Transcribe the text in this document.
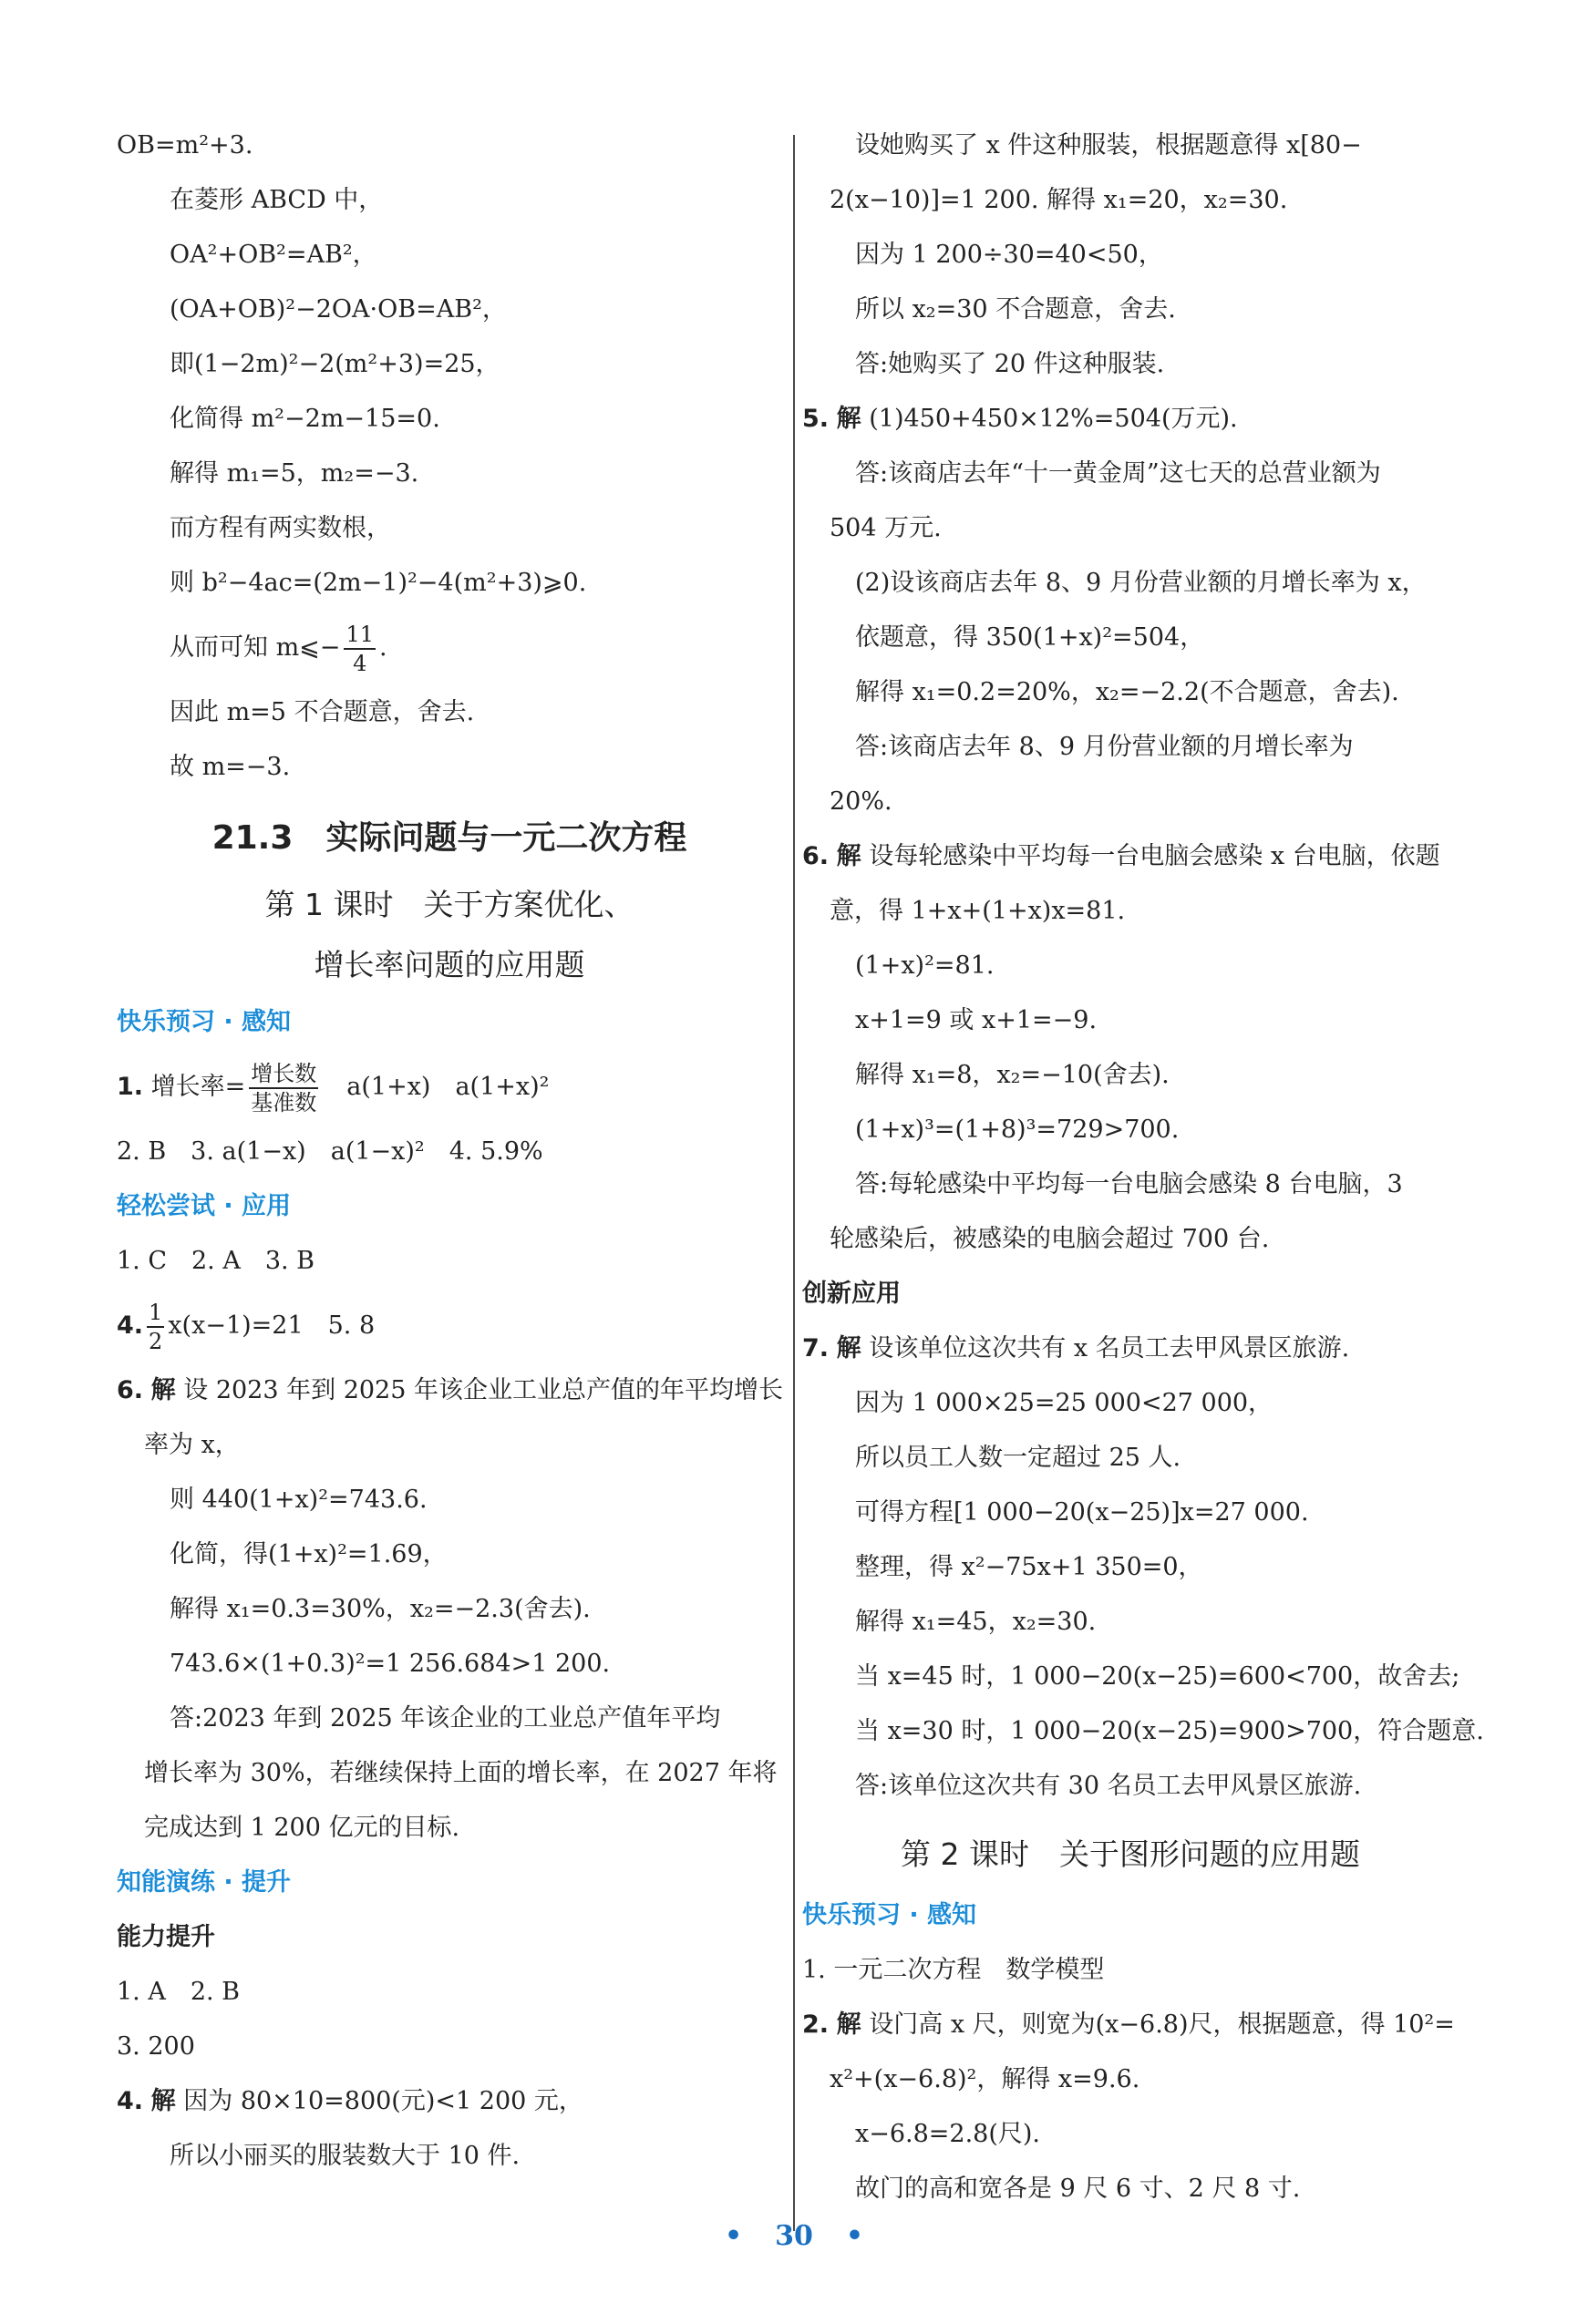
OB=m²+3.
在菱形 ABCD 中，
OA²+OB²=AB²，
(OA+OB)²−2OA·OB=AB²，
即(1−2m)²−2(m²+3)=25，
化简得 m²−2m−15=0.
解得 m₁=5，m₂=−3.
而方程有两实数根，
则 b²−4ac=(2m−1)²−4(m²+3)⩾0.
从而可知 m⩽− $\frac{11}{4}$ .
因此 m=5 不合题意，舍去.
故 m=−3.
21.3　实际问题与一元二次方程
第 1 课时　关于方案优化、
增长率问题的应用题
快乐预习 · 感知
1. 增长率= $\frac{\text{增长数}}{\text{基准数}}$ 　a(1+x)　a(1+x)²
2. B　3. a(1−x)　a(1−x)²　4. 5.9%
轻松尝试 · 应用
1. C　2. A　3. B
4. $\frac{1}{2} x(x-1)=21$　5. 8
6. 解 设 2023 年到 2025 年该企业工业总产值的年平均增长
率为 x，
则 440(1+x)²=743.6.
化简，得(1+x)²=1.69，
解得 x₁=0.3=30%，x₂=−2.3(舍去).
743.6×(1+0.3)²=1 256.684>1 200.
答:2023 年到 2025 年该企业的工业总产值年平均
增长率为 30%，若继续保持上面的增长率，在 2027 年将
完成达到 1 200 亿元的目标.
知能演练 · 提升
能力提升
1. A　2. B
3. 200
4. 解 因为 80×10=800(元)<1 200 元，
所以小丽买的服装数大于 10 件.
设她购买了 x 件这种服装，根据题意得 x[80−
2(x−10)]=1 200. 解得 x₁=20，x₂=30.
因为 1 200÷30=40<50，
所以 x₂=30 不合题意，舍去.
答:她购买了 20 件这种服装.
5. 解 (1)450+450×12%=504(万元).
答:该商店去年“十一黄金周”这七天的总营业额为
504 万元.
(2)设该商店去年 8、9 月份营业额的月增长率为 x，
依题意，得 350(1+x)²=504，
解得 x₁=0.2=20%，x₂=−2.2(不合题意，舍去).
答:该商店去年 8、9 月份营业额的月增长率为
20%.
6. 解 设每轮感染中平均每一台电脑会感染 x 台电脑，依题
意，得 1+x+(1+x)x=81.
(1+x)²=81.
x+1=9 或 x+1=−9.
解得 x₁=8，x₂=−10(舍去).
(1+x)³=(1+8)³=729>700.
答:每轮感染中平均每一台电脑会感染 8 台电脑，3
轮感染后，被感染的电脑会超过 700 台.
创新应用
7. 解 设该单位这次共有 x 名员工去甲风景区旅游.
因为 1 000×25=25 000<27 000，
所以员工人数一定超过 25 人.
可得方程[1 000−20(x−25)]x=27 000.
整理，得 x²−75x+1 350=0，
解得 x₁=45，x₂=30.
当 x=45 时，1 000−20(x−25)=600<700，故舍去;
当 x=30 时，1 000−20(x−25)=900>700，符合题意.
答:该单位这次共有 30 名员工去甲风景区旅游.
第 2 课时　关于图形问题的应用题
快乐预习 · 感知
1. 一元二次方程　数学模型
2. 解 设门高 x 尺，则宽为(x−6.8)尺，根据题意，得 10²=
x²+(x−6.8)²，解得 x=9.6.
x−6.8=2.8(尺).
故门的高和宽各是 9 尺 6 寸、2 尺 8 寸.
• 30 •
